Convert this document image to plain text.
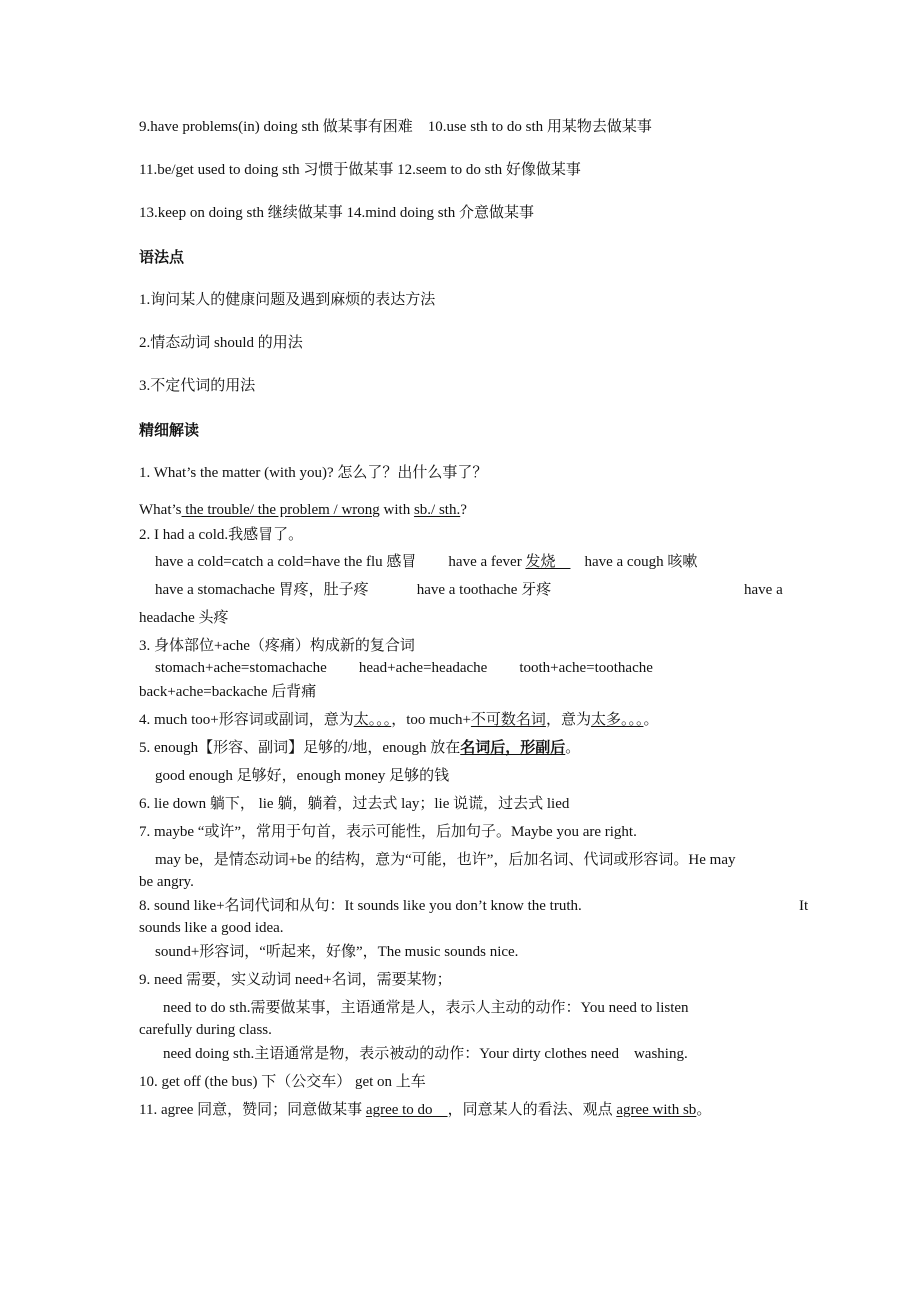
9.have problems(in) doing sth 做某事有困难　10.use sth to do sth 用某物去做某事
11.be/get used to doing sth 习惯于做某事 12.seem to do sth 好像做某事
13.keep on doing sth 继续做某事 14.mind doing sth 介意做某事
语法点
1.询问某人的健康问题及遇到麻烦的表达方法
2.情态动词 should 的用法
3.不定代词的用法
精细解读
1. What’s the matter (with you)? 怎么了？出什么事了？
What’s the trouble/ the problem / wrong with sb./ sth.?
2. I had a cold.我感冒了。
have a cold=catch a cold=have the flu 感冒 have a fever 发烧　have a cough 咳嗽
have a stomachache 胃疼，肚子疼	have a toothache 牙疼	have a
headache 头疼
3. 身体部位+ache（疼痛）构成新的复合词
stomach+ache=stomachache head+ache=headache tooth+ache=toothache
back+ache=backache 后背痛
4. much too+形容词或副词，意为太。。。，too much+不可数名词，意为太多。。。。
5. enough【形容、副词】足够的/地，enough 放在名词后，形副后。
good enough 足够好，enough money 足够的钱
6. lie down 躺下， lie 躺，躺着，过去式 lay；lie 说谎，过去式 lied
7. maybe “或许”，常用于句首，表示可能性，后加句子。Maybe you are right.
may be，是情态动词+be 的结构，意为“可能，也许”，后加名词、代词或形容词。He may
be angry.
8. sound like+名词代词和从句：It sounds like you don’t know the truth.	It
sounds like a good idea.
sound+形容词，“听起来，好像”，The music sounds nice.
9. need 需要，实义动词 need+名词，需要某物；
need to do sth.需要做某事，主语通常是人，表示人主动的动作：You need to listen
carefully during class.
need doing sth.主语通常是物，表示被动的动作：Your dirty clothes need　washing.
10. get off (the bus) 下（公交车） get on 上车
11. agree 同意，赞同；同意做某事 agree to do　，同意某人的看法、观点 agree with sb。
